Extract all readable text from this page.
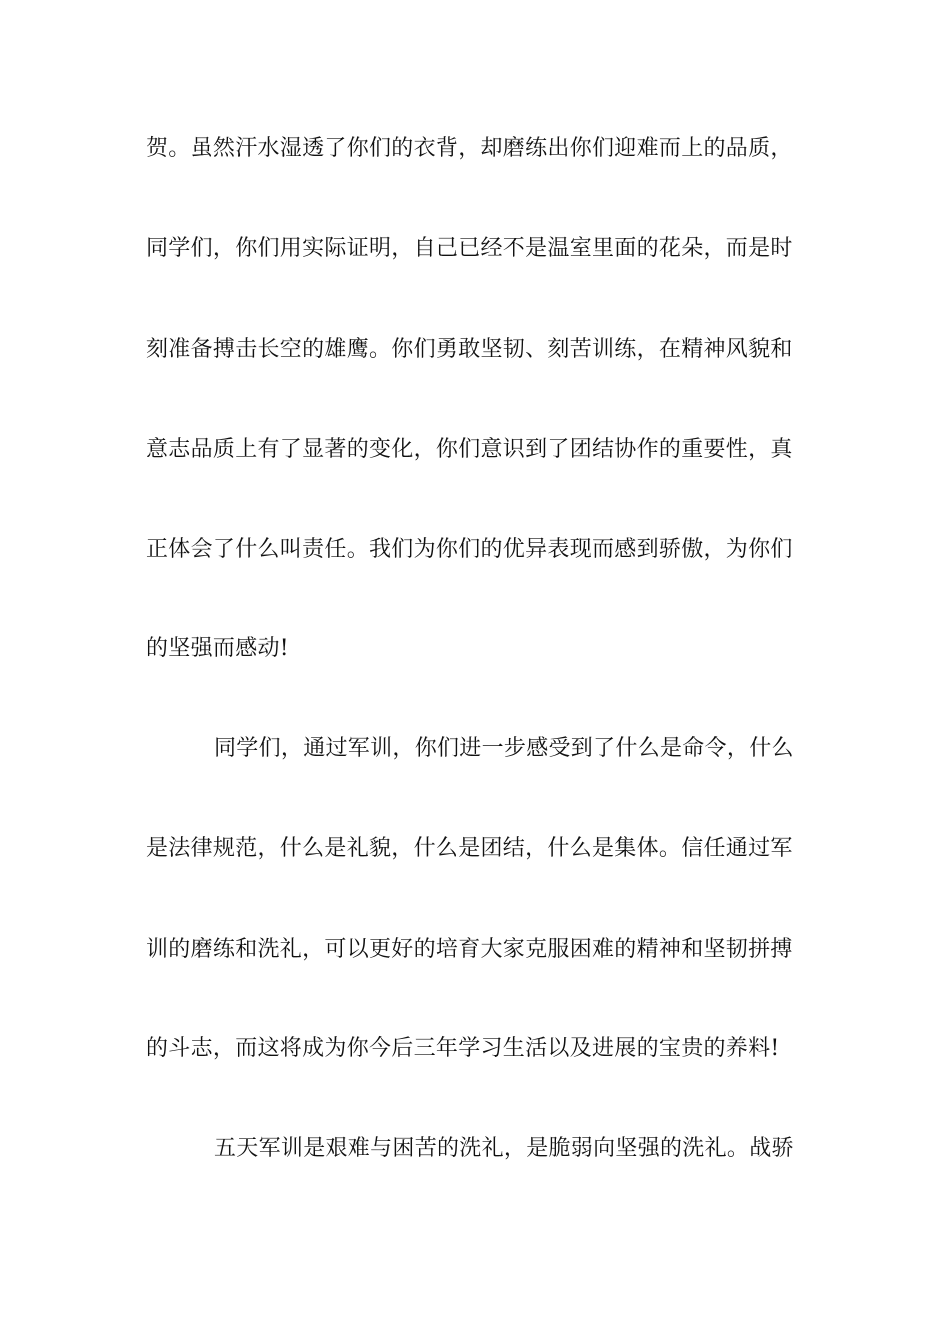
贺。虽然汗水湿透了你们的衣背，却磨练出你们迎难而上的品质，
同学们，你们用实际证明，自己已经不是温室里面的花朵，而是时
刻准备搏击长空的雄鹰。你们勇敢坚韧、刻苦训练，在精神风貌和
意志品质上有了显著的变化，你们意识到了团结协作的重要性，真
正体会了什么叫责任。我们为你们的优异表现而感到骄傲，为你们
的坚强而感动!
同学们，通过军训，你们进一步感受到了什么是命令，什么
是法律规范，什么是礼貌，什么是团结，什么是集体。信任通过军
训的磨练和洗礼，可以更好的培育大家克服困难的精神和坚韧拼搏
的斗志，而这将成为你今后三年学习生活以及进展的宝贵的养料!
五天军训是艰难与困苦的洗礼，是脆弱向坚强的洗礼。战骄
